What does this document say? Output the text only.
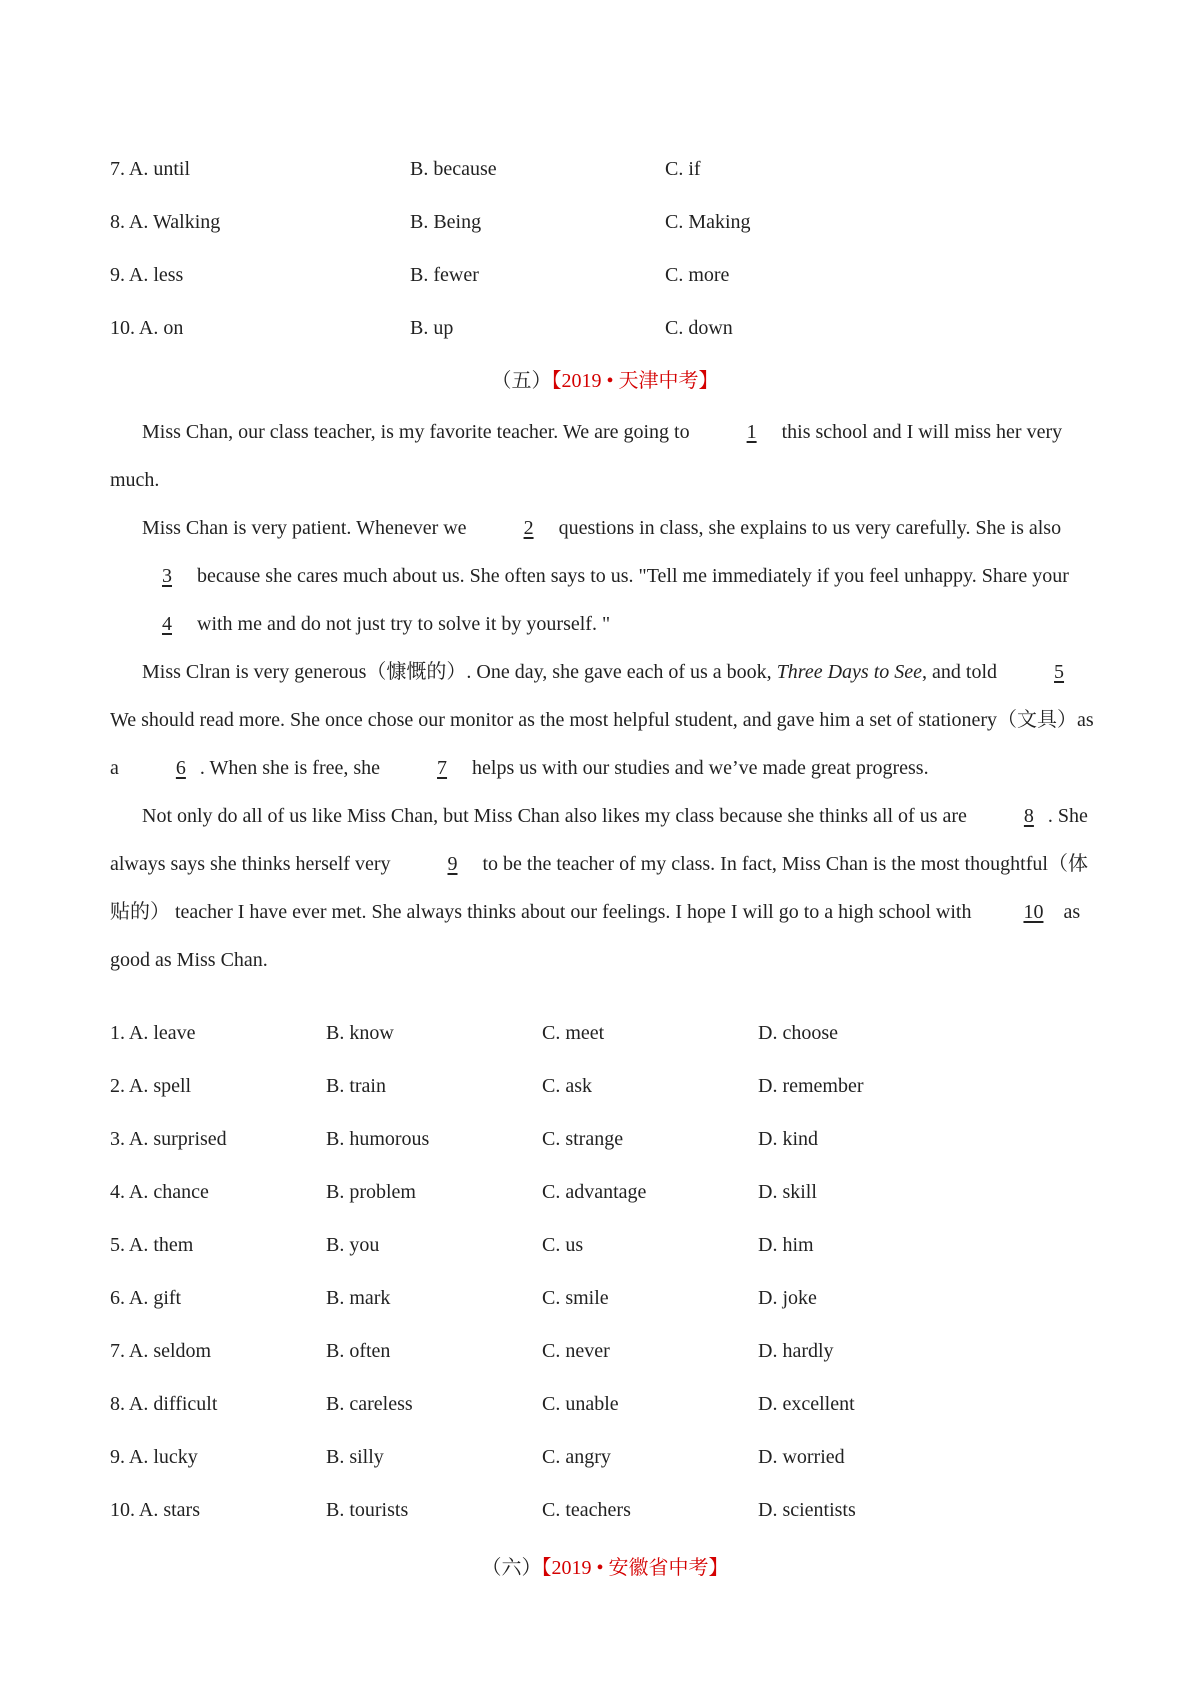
7. A. until	B. because	C. if
8. A. Walking	B. Being	C. Making
9. A. less	B. fewer	C. more
10. A. on	B. up	C. down
（五）【2019 • 天津中考】

Miss Chan, our class teacher, is my favorite teacher. We are going to	1 this school and I will miss her very much.

Miss Chan is very patient. Whenever we	2 questions in class, she explains to us very carefully. She is also 3 because she cares much about us. She often says to us. "Tell me immediately if you feel unhappy. Share your 4 with me and do not just try to solve it by yourself. "

Miss Clran is very generous（慷慨的）. One day, she gave each of us a book, Three Days to See, and told	5 We should read more. She once chose our monitor as the most helpful student, and gave him a set of stationery（文具）as a	6 . When she is free, she	7 helps us with our studies and we’ve made great progress.

Not only do all of us like Miss Chan, but Miss Chan also likes my class because she thinks all of us are	8 . She always says she thinks herself very	9 to be the teacher of my class. In fact, Miss Chan is the most thoughtful（体贴的） teacher I have ever met. She always thinks about our feelings. I hope I will go to a high school with	10 as good as Miss Chan.

1. A. leave	B. know	C. meet	D. choose
2. A. spell	B. train	C. ask	D. remember
3. A. surprised	B. humorous	C. strange	D. kind
4. A. chance	B. problem	C. advantage	D. skill
5. A. them	B. you	C. us	D. him
6. A. gift	B. mark	C. smile	D. joke
7. A. seldom	B. often	C. never	D. hardly
8. A. difficult	B. careless	C. unable	D. excellent
9. A. lucky	B. silly	C. angry	D. worried
10. A. stars	B. tourists	C. teachers	D. scientists
（六）【2019 • 安徽省中考】
